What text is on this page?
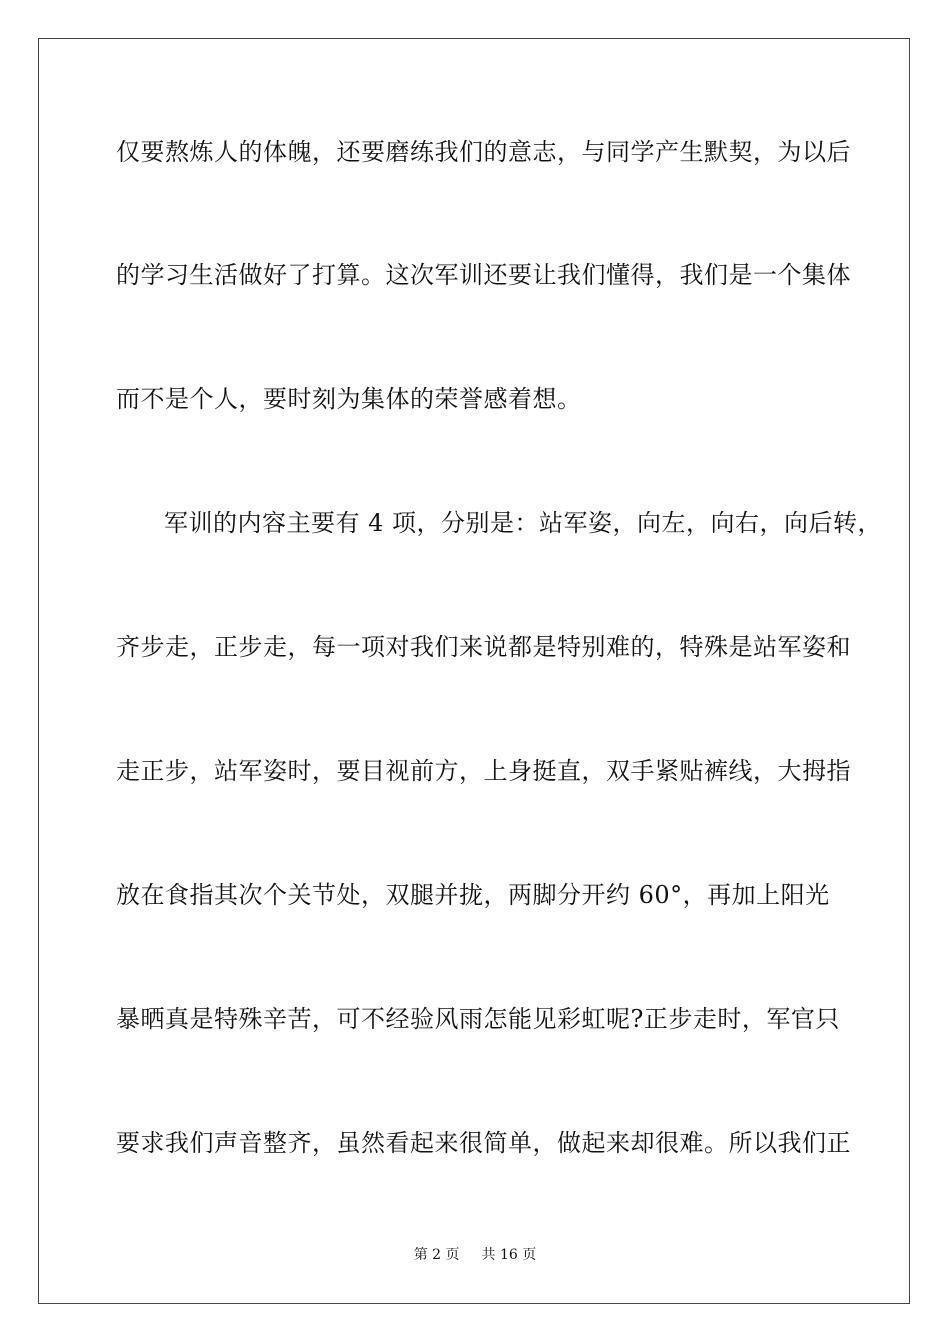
仅要熬炼人的体魄，还要磨练我们的意志，与同学产生默契，为以后
的学习生活做好了打算。这次军训还要让我们懂得，我们是一个集体
而不是个人，要时刻为集体的荣誉感着想。
军训的内容主要有 4 项，分别是：站军姿，向左，向右，向后转，
齐步走，正步走，每一项对我们来说都是特别难的，特殊是站军姿和
走正步，站军姿时，要目视前方，上身挺直，双手紧贴裤线，大拇指
放在食指其次个关节处，双腿并拢，两脚分开约 60°，再加上阳光
暴晒真是特殊辛苦，可不经验风雨怎能见彩虹呢?正步走时，军官只
要求我们声音整齐，虽然看起来很简单，做起来却很难。所以我们正
第 2 页 共 16 页
